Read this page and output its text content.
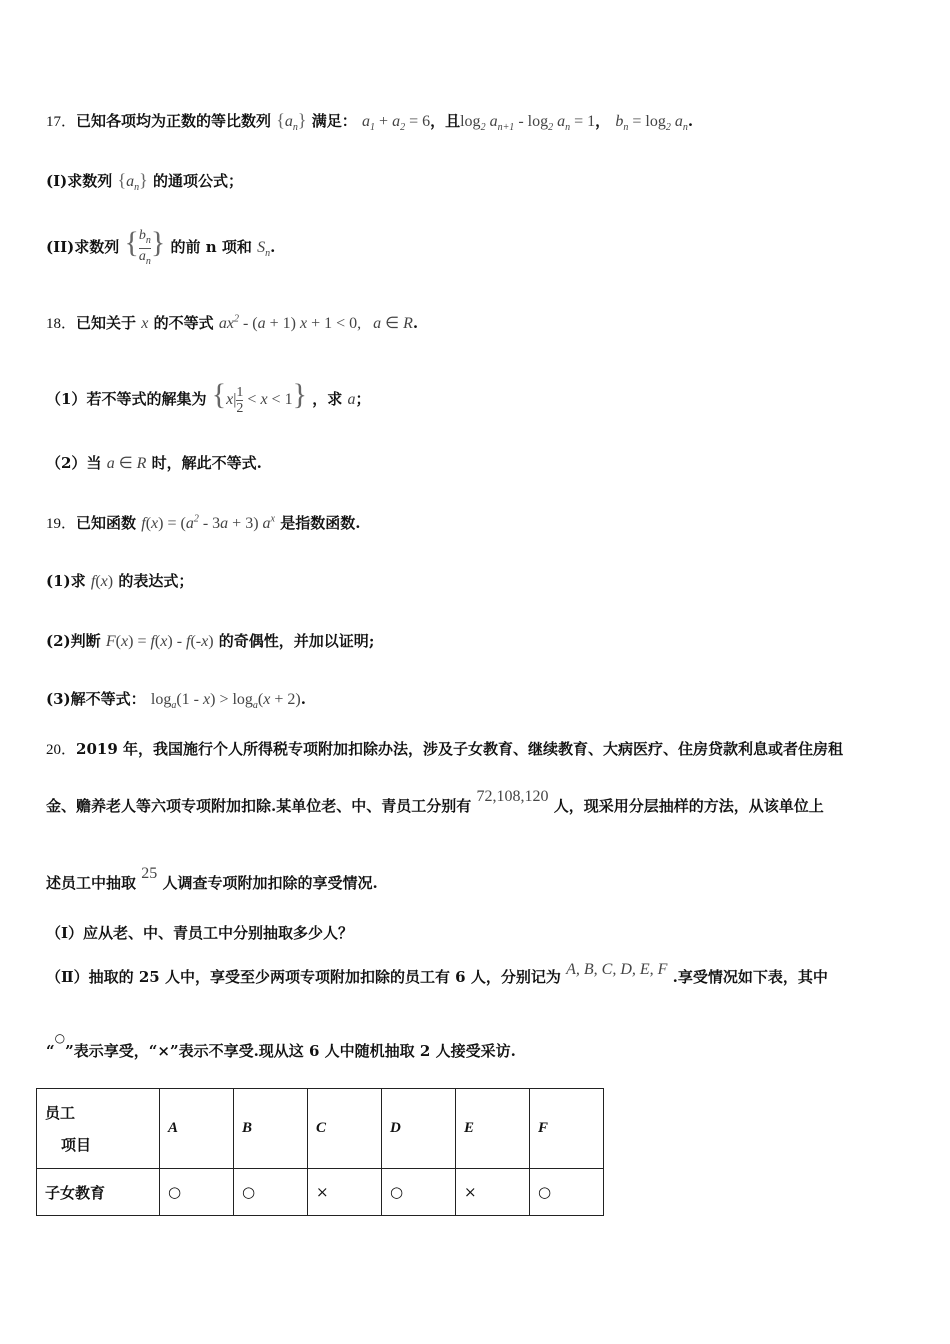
17．已知各项均为正数的等比数列 $\{a_n\}$ 满足： $a_1 + a_2 = 6$，且$\log_2 a_{n+1} - \log_2 a_n = 1$， $b_n = \log_2 a_n$.
(I)求数列 $\{a_n\}$ 的通项公式；
(II)求数列 { $\frac{b_n}{a_n}$ } 的前 n 项和 $S_n$.
18．已知关于 x 的不等式 $ax^2 - (a + 1) x + 1 < 0$,   a ∈ R.
（1）若不等式的解集为 $\{x| \frac{1}{2} < x < 1\}$ ，求 a；
（2）当 a ∈ R 时，解此不等式.
19．已知函数 $f(x) = (a^2 - 3a + 3)$ $a^x$ 是指数函数.
(1)求 f(x) 的表达式；
(2)判断 F(x) = f(x) - f(-x) 的奇偶性，并加以证明;
(3)解不等式： $\log_a(1 - x) > \log_a(x + 2)$.
20．2019 年，我国施行个人所得税专项附加扣除办法，涉及子女教育、继续教育、大病医疗、住房贷款利息或者住房租
金、赡养老人等六项专项附加扣除.某单位老、中、青员工分别有 72,108,120 人，现采用分层抽样的方法，从该单位上
述员工中抽取 25 人调查专项附加扣除的享受情况.
（Ⅰ）应从老、中、青员工中分别抽取多少人？
（Ⅱ）抽取的 25 人中，享受至少两项专项附加扣除的员工有 6 人，分别记为 A, B, C, D, E, F .享受情况如下表，其中
“○”表示享受，“×”表示不享受.现从这 6 人中随机抽取 2 人接受采访.
员工
项目	A	B	C	D	E	F
子女教育	○	○	×	○	×	○
